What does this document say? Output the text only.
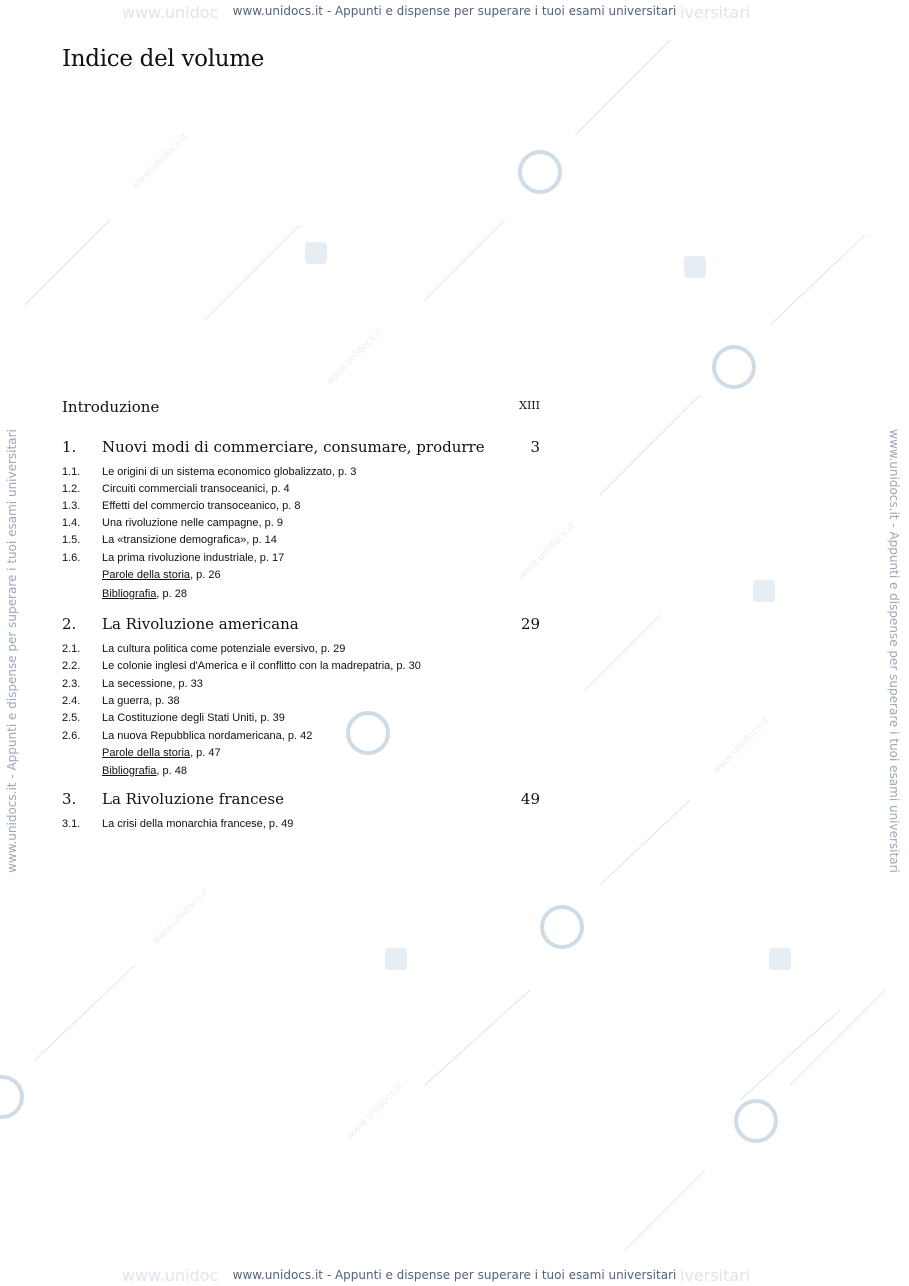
www.unidocs.it
www.unidocs.it
www.unidocs.it
www.unidocs.it
www.unidocs.it
www.unidocs.it
www.unidoc	iversitari
www.unidoc	iversitari
www.unidocs.it - Appunti e dispense per superare i tuoi esami universitari
www.unidocs.it - Appunti e dispense per superare i tuoi esami universitari
www.unidocs.it - Appunti e dispense per superare i tuoi esami universitari	www.unidocs.it - Appunti e dispense per superare i tuoi esami universitari
Indice del volume
Introduzione	XIII
1. Nuovi modi di commerciare, consumare, produrre	3
1.1. Le origini di un sistema economico globalizzato, p. 3
1.2. Circuiti commerciali transoceanici, p. 4
1.3. Effetti del commercio transoceanico, p. 8
1.4. Una rivoluzione nelle campagne, p. 9
1.5. La «transizione demografica», p. 14
1.6. La prima rivoluzione industriale, p. 17
Parole della storia, p. 26
Bibliografia, p. 28
2. La Rivoluzione americana	29
2.1. La cultura politica come potenziale eversivo, p. 29
2.2. Le colonie inglesi d'America e il conflitto con la madrepatria, p. 30
2.3. La secessione, p. 33
2.4. La guerra, p. 38
2.5. La Costituzione degli Stati Uniti, p. 39
2.6. La nuova Repubblica nordamericana, p. 42
Parole della storia, p. 47
Bibliografia, p. 48
3. La Rivoluzione francese	49
3.1. La crisi della monarchia francese, p. 49
